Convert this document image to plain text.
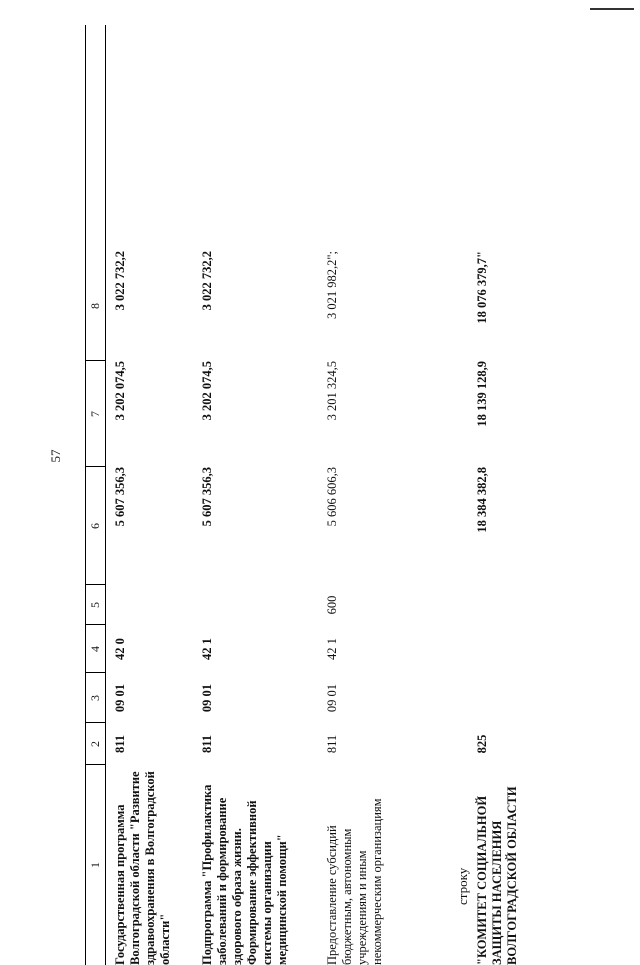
57
1
2
3
4
5
6
7
8
Государственная программа Волгоградской области "Развитие здравоохранения в Волгоградской области"
811
09 01
42 0
5 607 356,3
3 202 074,5
3 022 732,2
Подпрограмма "Профилактика заболеваний и формирование здорового образа жизни. Формирование эффективной системы организации медицинской помощи"
811
09 01
42 1
5 607 356,3
3 202 074,5
3 022 732,2
Предоставление субсидий бюджетным, автономным учреждениям и иным некоммерческим организациям
811
09 01
42 1
600
5 606 606,3
3 201 324,5
3 021 982,2";
строку "КОМИТЕТ СОЦИАЛЬНОЙ ЗАЩИТЫ НАСЕЛЕНИЯ ВОЛГОГРАДСКОЙ ОБЛАСТИ
825
18 384 382,8
18 139 128,9
18 076 379,7"
